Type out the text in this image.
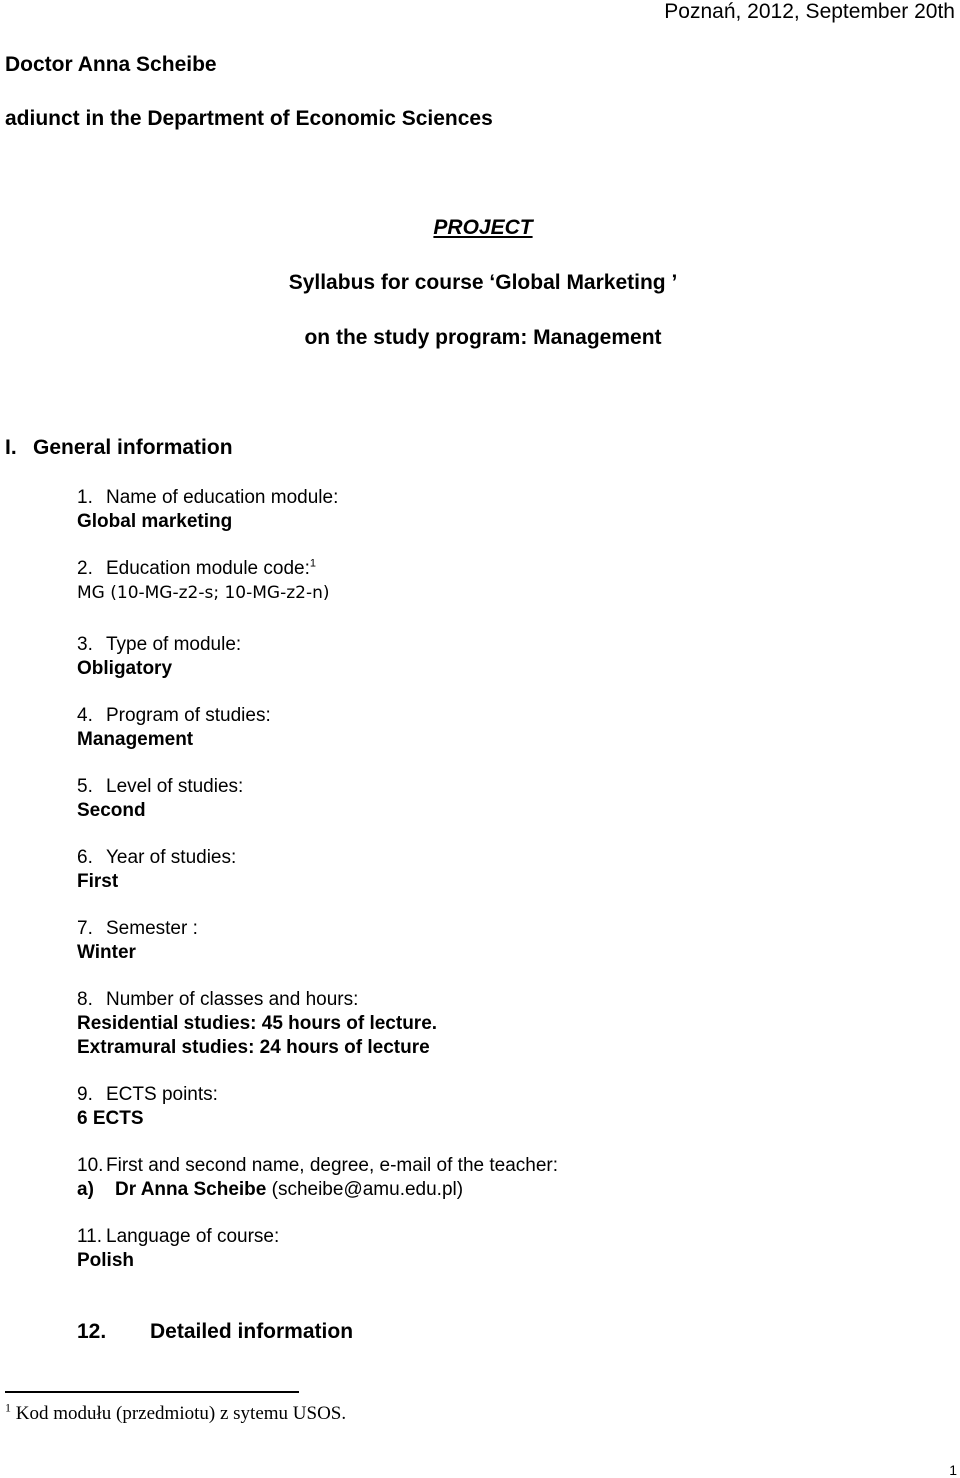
Poznań, 2012, September 20th
Doctor Anna Scheibe
adiunct in the Department of Economic Sciences
PROJECT
Syllabus for course ‘Global Marketing ’
on the study program: Management
I. General information
1. Name of education module:
Global marketing
2. Education module code:$^1$
MG (10-MG-z2-s; 10-MG-z2-n)
3. Type of module:
Obligatory
4. Program of studies:
Management
5. Level of studies:
Second
6. Year of studies:
First
7. Semester :
Winter
8. Number of classes and hours:
Residential studies: 45 hours of lecture.
Extramural studies: 24 hours of lecture
9. ECTS points:
6 ECTS
10. First and second name, degree, e-mail of the teacher:
a) Dr Anna Scheibe (scheibe@amu.edu.pl)
11. Language of course:
Polish
12. Detailed information
$^1$ Kod modułu (przedmiotu) z sytemu USOS.
1
